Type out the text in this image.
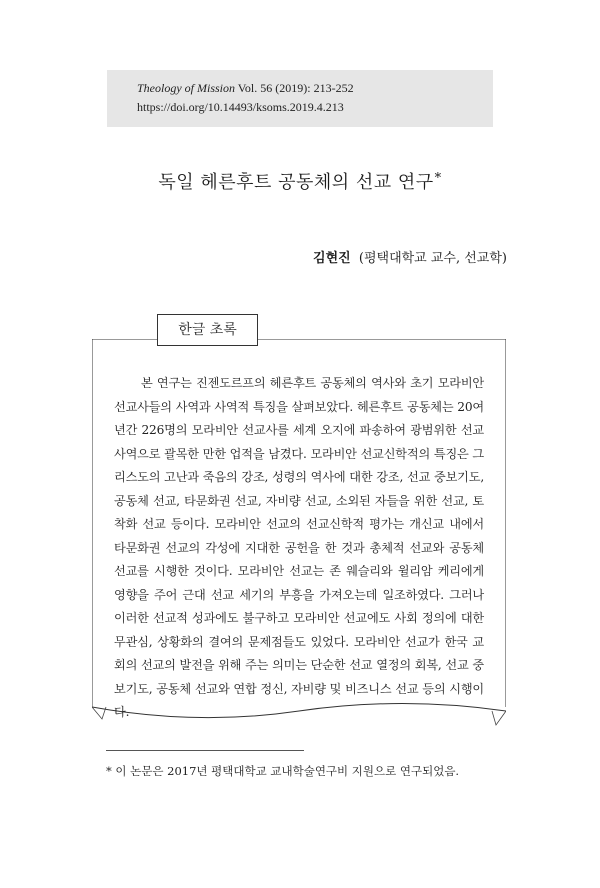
Theology of Mission Vol. 56 (2019): 213-252
https://doi.org/10.14493/ksoms.2019.4.213
독일 헤른후트 공동체의 선교 연구*
김현진 (평택대학교 교수, 선교학)

본 연구는 진젠도르프의 헤른후트 공동체의 역사와 초기 모라비안 선교사들의 사역과 사역적 특징을 살펴보았다. 헤른후트 공동체는 20여년간 226명의 모라비안 선교사를 세계 오지에 파송하여 광범위한 선교사역으로 괄목한 만한 업적을 남겼다. 모라비안 선교신학적의 특징은 그리스도의 고난과 죽음의 강조, 성령의 역사에 대한 강조, 선교 중보기도, 공동체 선교, 타문화권 선교, 자비량 선교, 소외된 자들을 위한 선교, 토착화 선교 등이다. 모라비안 선교의 선교신학적 평가는 개신교 내에서 타문화권 선교의 각성에 지대한 공헌을 한 것과 총체적 선교와 공동체 선교를 시행한 것이다. 모라비안 선교는 존 웨슬리와 윌리암 케리에게 영향을 주어 근대 선교 세기의 부흥을 가져오는데 일조하였다. 그러나 이러한 선교적 성과에도 불구하고 모라비안 선교에도 사회 정의에 대한 무관심, 상황화의 결여의 문제점들도 있었다. 모라비안 선교가 한국 교회의 선교의 발전을 위해 주는 의미는 단순한 선교 열정의 회복, 선교 중보기도, 공동체 선교와 연합 정신, 자비량 및 비즈니스 선교 등의 시행이다.

한글 초록
* 이 논문은 2017년 평택대학교 교내학술연구비 지원으로 연구되었음.
